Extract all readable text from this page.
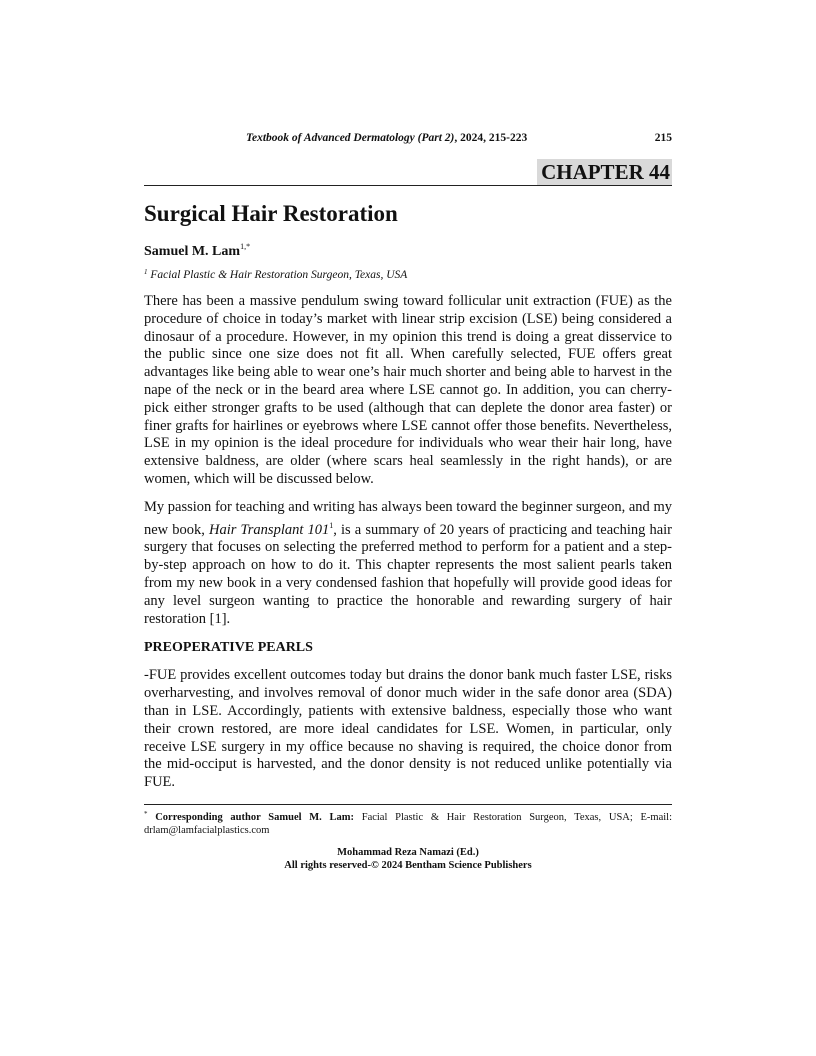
Textbook of Advanced Dermatology (Part 2), 2024, 215-223	215
CHAPTER 44
Surgical Hair Restoration
Samuel M. Lam$^{1,*}$
$^1$ Facial Plastic & Hair Restoration Surgeon, Texas, USA

There has been a massive pendulum swing toward follicular unit extraction (FUE) as the procedure of choice in today’s market with linear strip excision (LSE) being considered a dinosaur of a procedure. However, in my opinion this trend is doing a great disservice to the public since one size does not fit all. When carefully selected, FUE offers great advantages like being able to wear one’s hair much shorter and being able to harvest in the nape of the neck or in the beard area where LSE cannot go. In addition, you can cherry-pick either stronger grafts to be used (although that can deplete the donor area faster) or finer grafts for hairlines or eyebrows where LSE cannot offer those benefits. Nevertheless, LSE in my opinion is the ideal procedure for individuals who wear their hair long, have extensive baldness, are older (where scars heal seamlessly in the right hands), or are women, which will be discussed below.

My passion for teaching and writing has always been toward the beginner surgeon, and my new book, Hair Transplant $101^1$, is a summary of 20 years of practicing and teaching hair surgery that focuses on selecting the preferred method to perform for a patient and a step-by-step approach on how to do it. This chapter represents the most salient pearls taken from my new book in a very condensed fashion that hopefully will provide good ideas for any level surgeon wanting to practice the honorable and rewarding surgery of hair restoration [1].

PREOPERATIVE PEARLS

-FUE provides excellent outcomes today but drains the donor bank much faster LSE, risks overharvesting, and involves removal of donor much wider in the safe donor area (SDA) than in LSE. Accordingly, patients with extensive baldness, especially those who want their crown restored, are more ideal candidates for LSE. Women, in particular, only receive LSE surgery in my office because no shaving is required, the choice donor from the mid-occiput is harvested, and the donor density is not reduced unlike potentially via FUE.

* Corresponding author Samuel M. Lam: Facial Plastic & Hair Restoration Surgeon, Texas, USA; E-mail: drlam@lamfacialplastics.com
Mohammad Reza Namazi (Ed.)
All rights reserved-© 2024 Bentham Science Publishers
